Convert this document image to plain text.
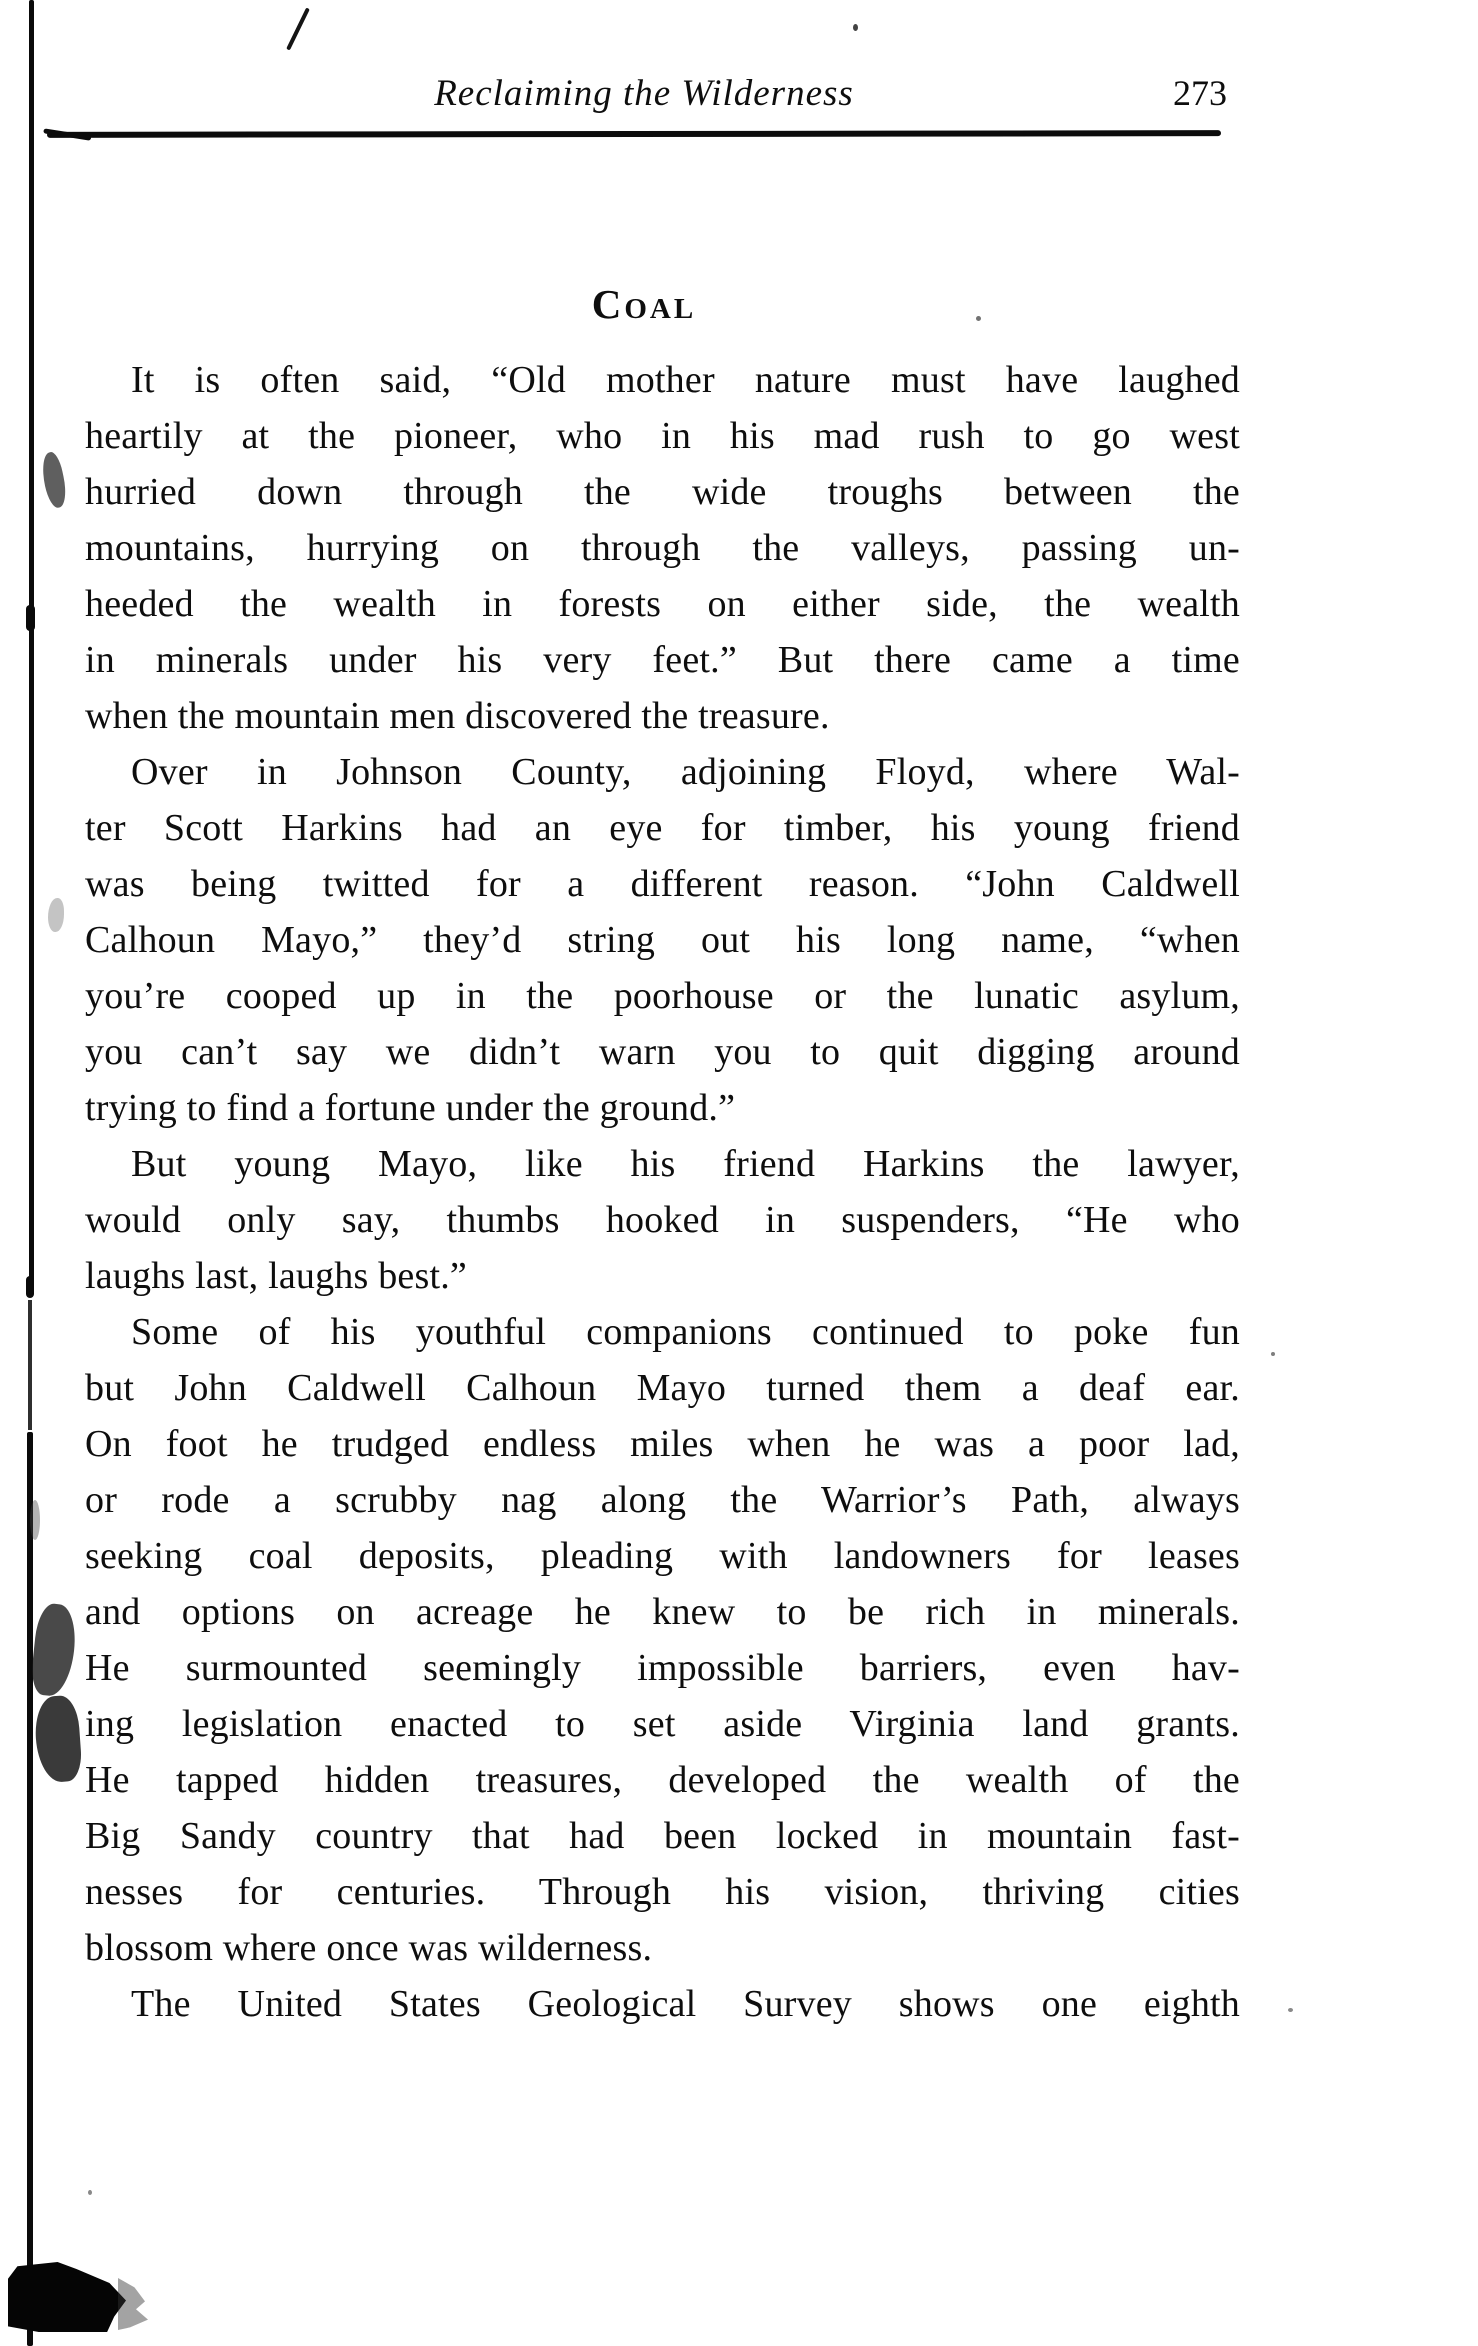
Reclaiming the Wilderness	273
Coal
It is often said, “Old mother nature must have laughed
heartily at the pioneer, who in his mad rush to go west
hurried down through the wide troughs between the
mountains, hurrying on through the valleys, passing un-
heeded the wealth in forests on either side, the wealth
in minerals under his very feet.” But there came a time
when the mountain men discovered the treasure.
Over in Johnson County, adjoining Floyd, where Wal-
ter Scott Harkins had an eye for timber, his young friend
was being twitted for a different reason. “John Caldwell
Calhoun Mayo,” they’d string out his long name, “when
you’re cooped up in the poorhouse or the lunatic asylum,
you can’t say we didn’t warn you to quit digging around
trying to find a fortune under the ground.”
But young Mayo, like his friend Harkins the lawyer,
would only say, thumbs hooked in suspenders, “He who
laughs last, laughs best.”
Some of his youthful companions continued to poke fun
but John Caldwell Calhoun Mayo turned them a deaf ear.
On foot he trudged endless miles when he was a poor lad,
or rode a scrubby nag along the Warrior’s Path, always
seeking coal deposits, pleading with landowners for leases
and options on acreage he knew to be rich in minerals.
He surmounted seemingly impossible barriers, even hav-
ing legislation enacted to set aside Virginia land grants.
He tapped hidden treasures, developed the wealth of the
Big Sandy country that had been locked in mountain fast-
nesses for centuries. Through his vision, thriving cities
blossom where once was wilderness.
The United States Geological Survey shows one eighth
